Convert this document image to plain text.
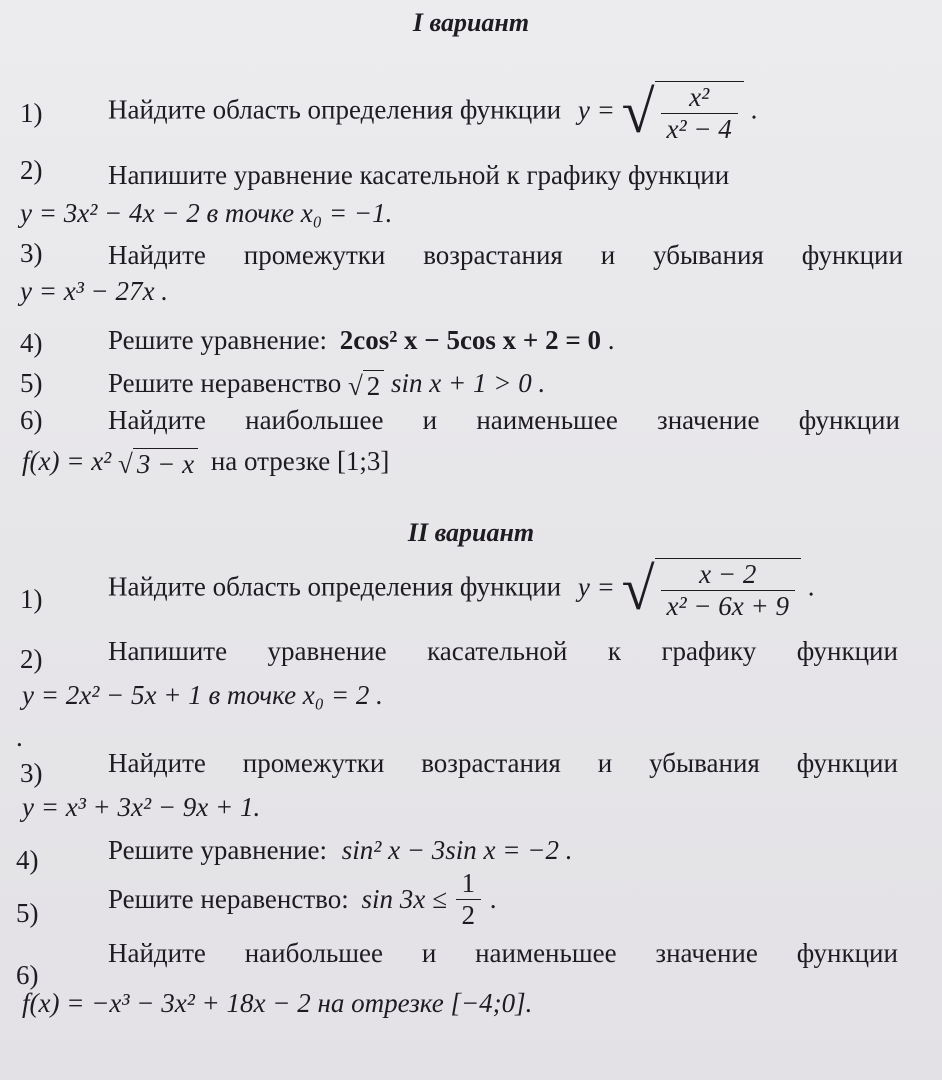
I вариант
1) Найдите область определения функции y = √ $\frac{\text{x²}}{\text{x² − 4}}$ .
2) Напишите уравнение касательной к графику функции
y = 3x² − 4x − 2 в точке x₀ = −1.
3) Найдите промежутки возрастания и убывания функции
y = x³ − 27x .
4) Решите уравнение: 2cos² x − 5cos x + 2 = 0 .
5) Решите неравенство √ 2 sin x + 1 > 0 .
6) Найдите наибольшее и наименьшее значение функции
f(x) = x² √ 3 − x на отрезке [1;3]
II вариант
1) Найдите область определения функции y = √ $\frac{x - 2}{\text{x² − 6x + 9}}$ .
2) Напишите уравнение касательной к графику функции
y = 2x² − 5x + 1 в точке x₀ = 2 .
.
3) Найдите промежутки возрастания и убывания функции
y = x³ + 3x² − 9x + 1.
4)	Решите уравнение: sin² x − 3sin x = −2 .
5)	Решите неравенство: $\sin 3x \le \frac{1}{2}$ .
6)
Найдите наибольшее и наименьшее значение функции
f(x) = −x³ − 3x² + 18x − 2 на отрезке [−4;0].
